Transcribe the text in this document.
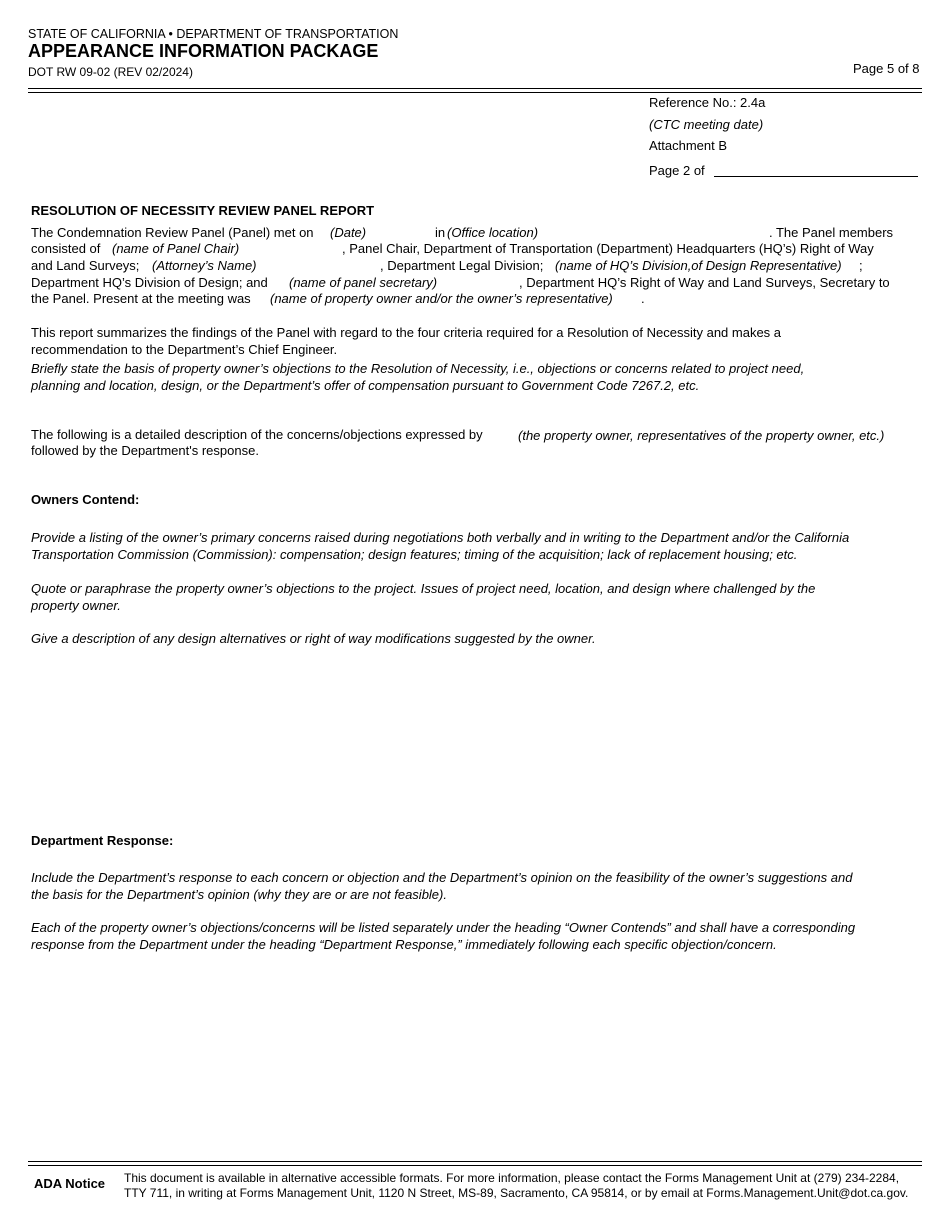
STATE OF CALIFORNIA • DEPARTMENT OF TRANSPORTATION
APPEARANCE INFORMATION PACKAGE
DOT RW 09-02 (REV 02/2024)	Page 5 of 8
Reference No.: 2.4a
(CTC meeting date)
Attachment B
Page 2 of
RESOLUTION OF NECESSITY REVIEW PANEL REPORT
The Condemnation Review Panel (Panel) met on (Date)	in (Office location)	. The Panel members
consisted of (name of Panel Chair)	, Panel Chair, Department of Transportation (Department) Headquarters (HQ’s) Right of Way
and Land Surveys; (Attorney’s Name)	, Department Legal Division; (name of HQ’s Division,of Design Representative) ;
Department HQ’s Division of Design; and (name of panel secretary)	, Department HQ’s Right of Way and Land Surveys, Secretary to
the Panel. Present at the meeting was (name of property owner and/or the owner’s representative) .
This report summarizes the findings of the Panel with regard to the four criteria required for a Resolution of Necessity and makes a
recommendation to the Department’s Chief Engineer.
Briefly state the basis of property owner’s objections to the Resolution of Necessity, i.e., objections or concerns related to project need,
planning and location, design, or the Department’s offer of compensation pursuant to Government Code 7267.2, etc.
The following is a detailed description of the concerns/objections expressed by	(the property owner, representatives of the property owner, etc.)
followed by the Department's response.
Owners Contend:
Provide a listing of the owner’s primary concerns raised during negotiations both verbally and in writing to the Department and/or the California
Transportation Commission (Commission): compensation; design features; timing of the acquisition; lack of replacement housing; etc.
Quote or paraphrase the property owner’s objections to the project. Issues of project need, location, and design where challenged by the
property owner.
Give a description of any design alternatives or right of way modifications suggested by the owner.
Department Response:
Include the Department’s response to each concern or objection and the Department’s opinion on the feasibility of the owner’s suggestions and
the basis for the Department’s opinion (why they are or are not feasible).
Each of the property owner’s objections/concerns will be listed separately under the heading “Owner Contends” and shall have a corresponding
response from the Department under the heading “Department Response,” immediately following each specific objection/concern.
ADA Notice This document is available in alternative accessible formats. For more information, please contact the Forms Management Unit at (279) 234-2284,
TTY 711, in writing at Forms Management Unit, 1120 N Street, MS-89, Sacramento, CA 95814, or by email at Forms.Management.Unit@dot.ca.gov.
